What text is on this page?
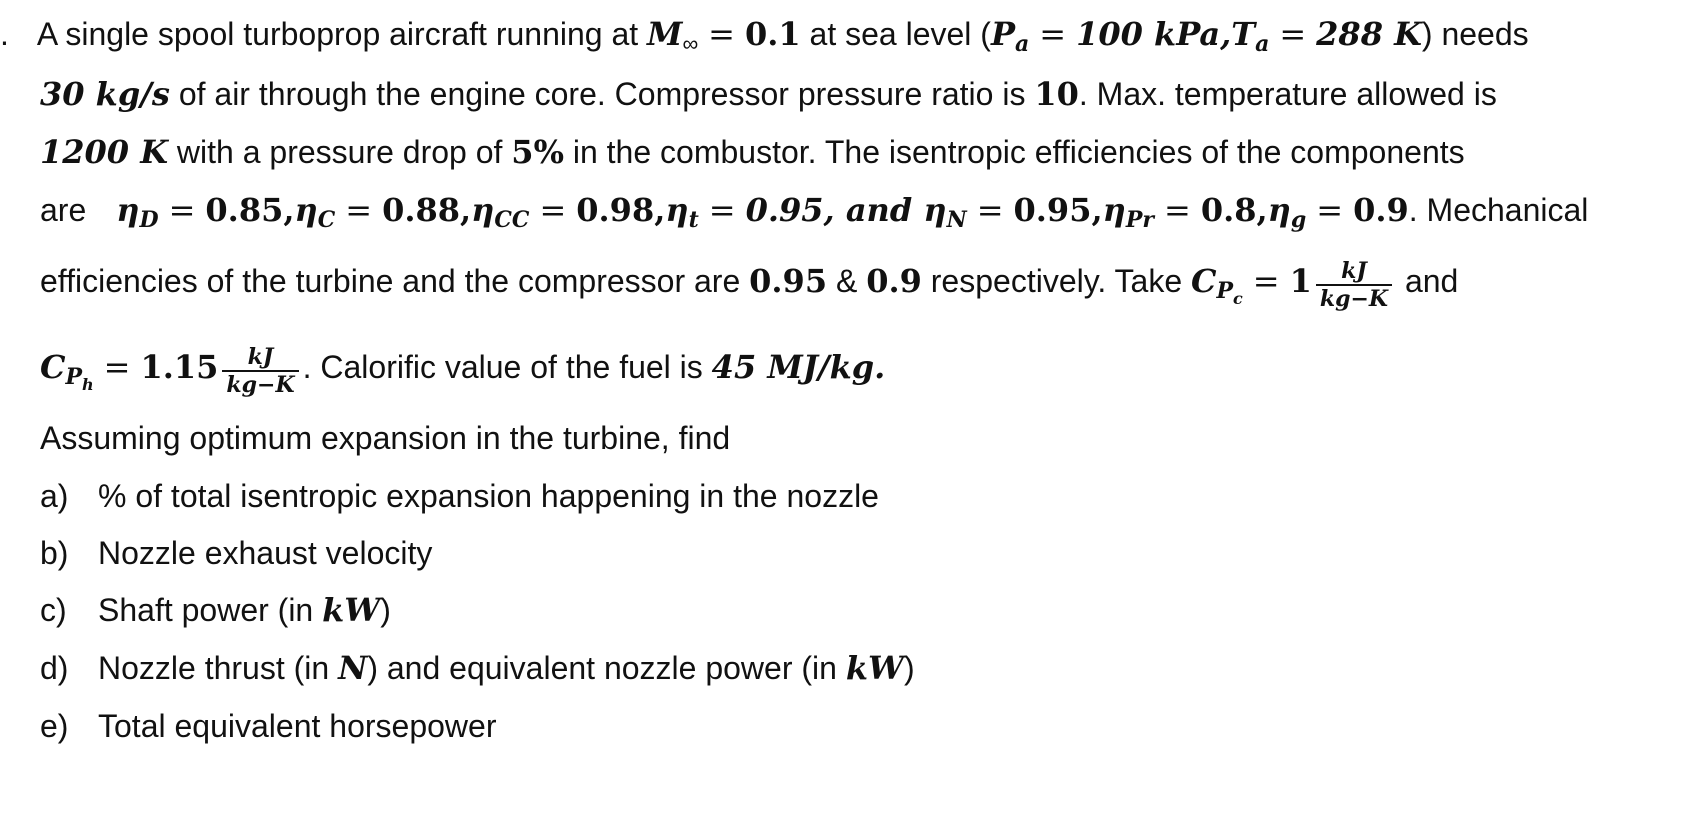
. A single spool turboprop aircraft running at $M_\infty = 0.1$ at sea level ($P_a = 100$ $kPa,T_a = 288$ K) needs
30 kg/s of air through the engine core. Compressor pressure ratio is 10. Max. temperature allowed is
1200 K with a pressure drop of 5% in the combustor. The isentropic efficiencies of the components
are $\eta_D = 0.85,\eta_C = 0.88,\eta_{CC} = 0.98,\eta_t = 0.95$, and $\eta_N = 0.95,\eta_{Pr} = 0.8,\eta_g = 0.9$. Mechanical
efficiencies of the turbine and the compressor are 0.95 & 0.9 respectively. Take $C_{P_c} = 1 \frac{kJ}{kg-K}$ and
$C_{P_h} = 1.15 \frac{kJ}{kg-K}$ . Calorific value of the fuel is 45 MJ/kg.
Assuming optimum expansion in the turbine, find
a) % of total isentropic expansion happening in the nozzle
b) Nozzle exhaust velocity
c) Shaft power (in kW)
d) Nozzle thrust (in N) and equivalent nozzle power (in kW)
e) Total equivalent horsepower
